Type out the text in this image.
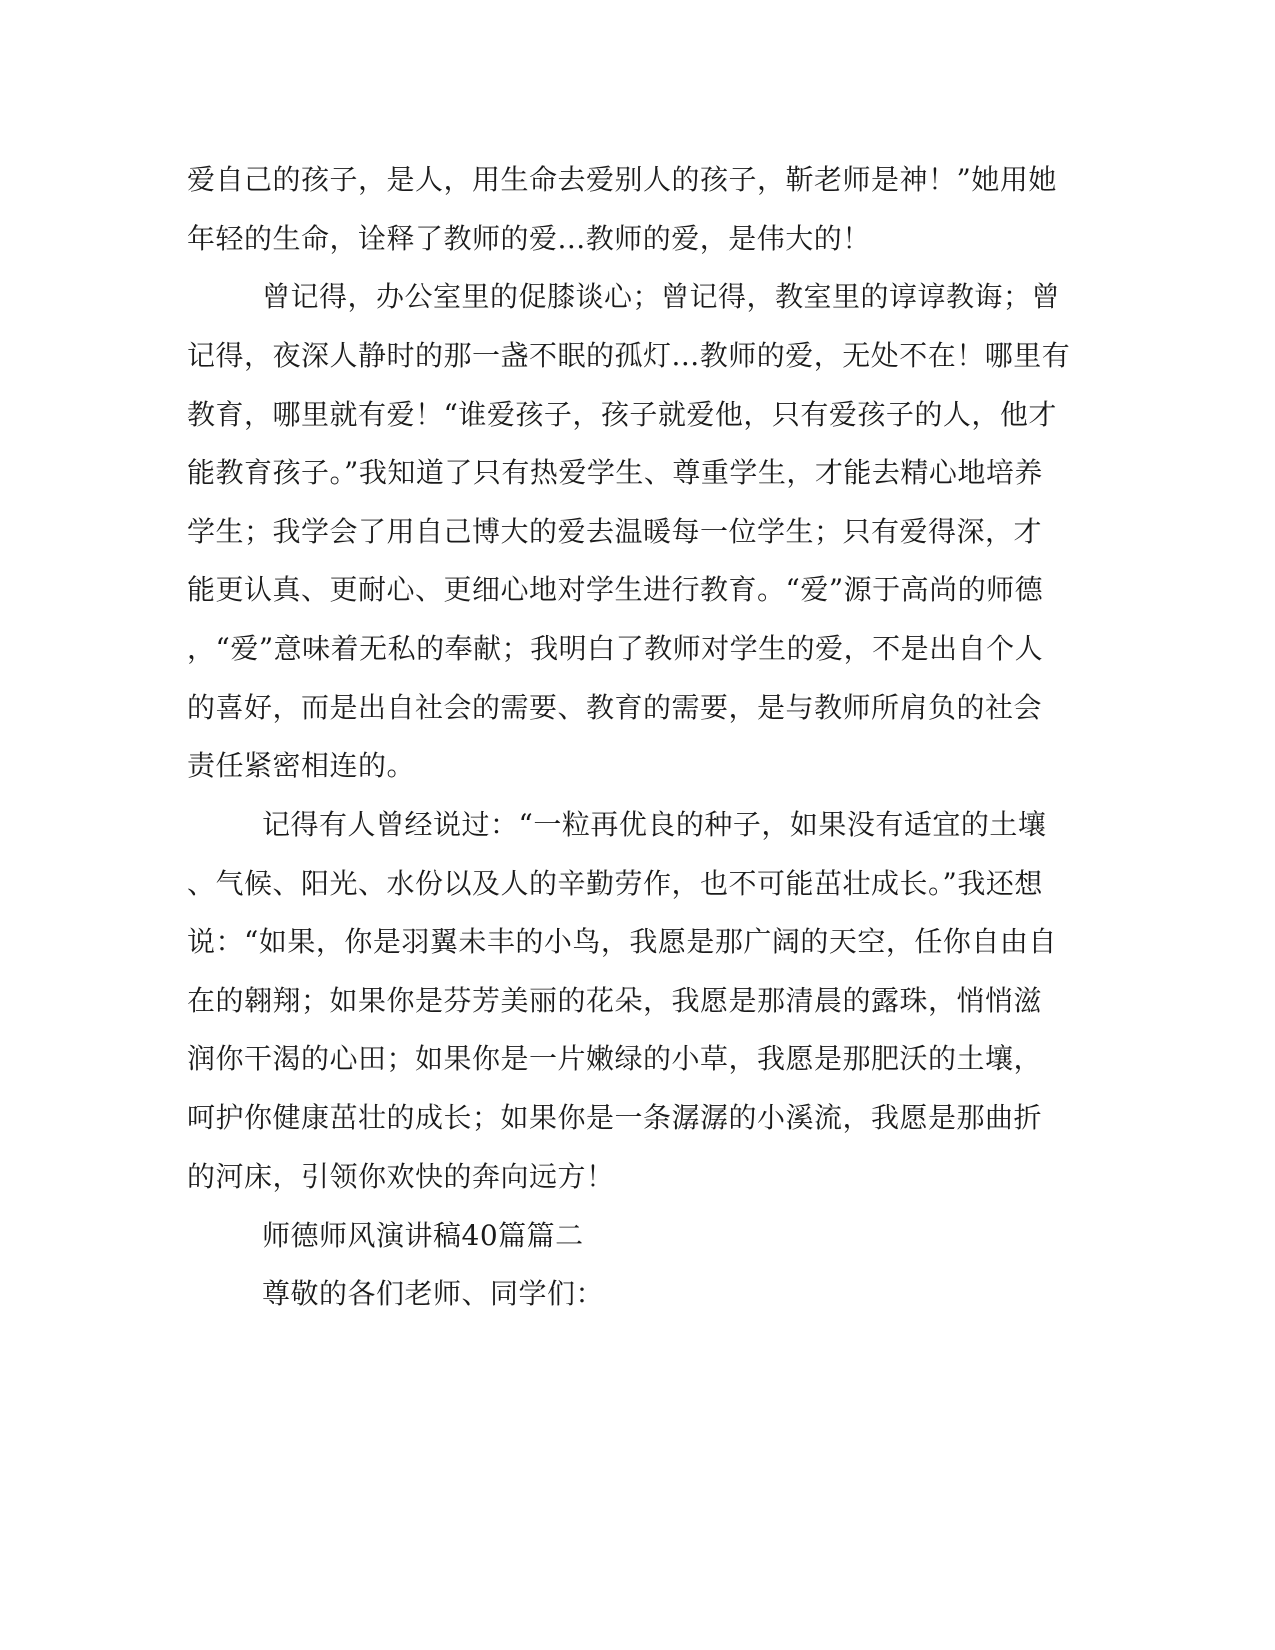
爱自己的孩子，是人，用生命去爱别人的孩子，靳老师是神！”她用她

年轻的生命，诠释了教师的爱...教师的爱，是伟大的！

曾记得，办公室里的促膝谈心；曾记得，教室里的谆谆教诲；曾

记得，夜深人静时的那一盏不眠的孤灯...教师的爱，无处不在！哪里有

教育，哪里就有爱！“谁爱孩子，孩子就爱他，只有爱孩子的人，他才

能教育孩子。”我知道了只有热爱学生、尊重学生，才能去精心地培养

学生；我学会了用自己博大的爱去温暖每一位学生；只有爱得深，才

能更认真、更耐心、更细心地对学生进行教育。“爱”源于高尚的师德

，“爱”意味着无私的奉献；我明白了教师对学生的爱，不是出自个人

的喜好，而是出自社会的需要、教育的需要，是与教师所肩负的社会

责任紧密相连的。

记得有人曾经说过：“一粒再优良的种子，如果没有适宜的土壤

、气候、阳光、水份以及人的辛勤劳作，也不可能茁壮成长。”我还想

说：“如果，你是羽翼未丰的小鸟，我愿是那广阔的天空，任你自由自

在的翱翔；如果你是芬芳美丽的花朵，我愿是那清晨的露珠，悄悄滋

润你干渴的心田；如果你是一片嫩绿的小草，我愿是那肥沃的土壤，

呵护你健康茁壮的成长；如果你是一条潺潺的小溪流，我愿是那曲折

的河床，引领你欢快的奔向远方！

师德师风演讲稿40篇篇二

尊敬的各们老师、同学们：
